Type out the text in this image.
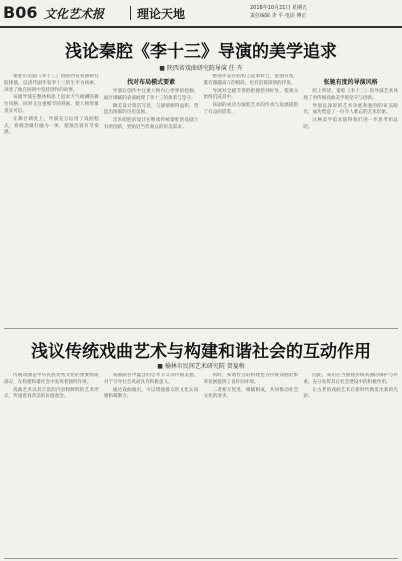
B06 文化艺术报	理论天地	2016年10月21日 星期五
责任编辑 李 平 电话 傅正
浅论秦腔《李十三》导演的美学追求
■ 陕西省戏曲研究院导演 任 卉

秦腔历史剧《李十三》由陕西省戏曲研究院排演，以清代剧作家李十三的生平为线索，讲述了他在困境中坚持创作的故事。

该剧导演在整体构思上追求大气磅礴的舞台风格，同时又注重细节的刻画，使人物形象真实可信。

在舞台调度上，导演充分运用了戏曲程式，将唱念做打融为一体，使演出富有节奏感。

找对布局模式要素

导演在创作中注重人物内心世界的挖掘，通过细腻的表演展现了李十三的执着与坚守。

舞美设计简洁写意，与剧情相得益彰，营造出浓郁的历史氛围。

音乐唱腔的设计在继承传统秦腔的基础上有所创新，更贴近当代观众的审美需求。

整部作品在结构上起承转合，张弛有度，既有激越高亢的唱段，也有沉郁深情的抒发。

导演对全剧节奏的把握恰到好处，使观众始终沉浸其中。

该剧的成功为秦腔艺术的传承与发展提供了有益的借鉴。

张驰有度的导演风格

综上所述，秦腔《李十三》的导演艺术体现了对传统戏曲美学的坚守与创新。

导演以深厚的艺术功底和独到的审美眼光，成功塑造了一位令人难忘的艺术形象。

这种美学追求值得我们进一步思考和总结。

浅议传统戏曲艺术与构建和谐社会的互动作用
■ 榆林市民间艺术研究院 贺宴梅

传统戏曲是中华民族优秀文化的重要组成部分，在构建和谐社会中发挥着独特作用。

戏曲艺术以其丰富的内容和鲜明的艺术形式，传递着真善美的价值观念。

戏曲剧目中蕴含的忠孝节义等传统美德，对于引导社会风尚具有积极意义。

通过戏曲演出，可以增强群众的文化认同感和凝聚力。

同时，和谐社会的构建也为传统戏曲的繁荣发展提供了良好的环境。

二者相互促进，相辅相成，共同推动社会文化的进步。

因此，我们应当重视传统戏曲的保护与传承，充分发挥其在社会建设中的积极作用。

让古老的戏曲艺术在新时代焕发出新的光彩。
